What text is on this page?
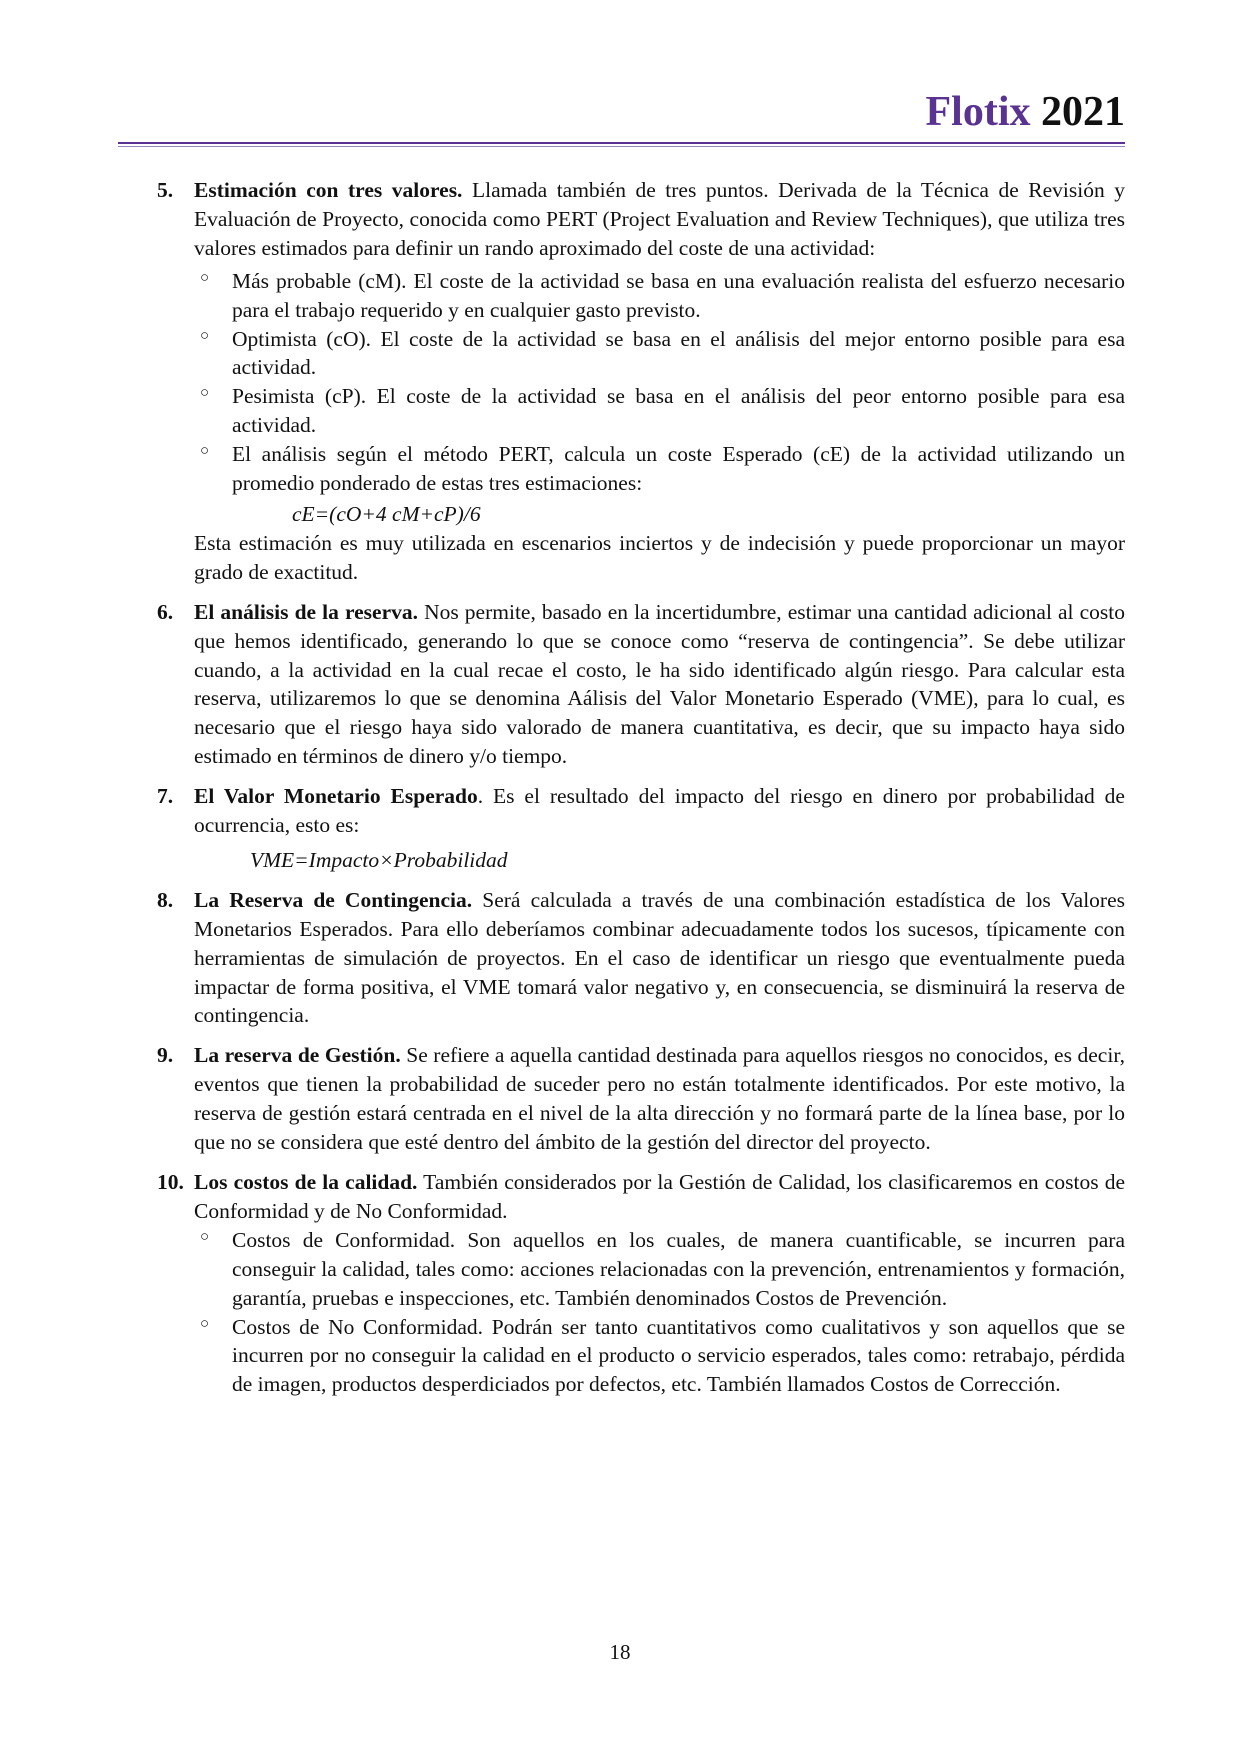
Flotix 2021
5. Estimación con tres valores. Llamada también de tres puntos. Derivada de la Técnica de Revisión y Evaluación de Proyecto, conocida como PERT (Project Evaluation and Review Techniques), que utiliza tres valores estimados para definir un rando aproximado del coste de una actividad:

○ Más probable (cM). El coste de la actividad se basa en una evaluación realista del esfuerzo necesario para el trabajo requerido y en cualquier gasto previsto.
○ Optimista (cO). El coste de la actividad se basa en el análisis del mejor entorno posible para esa actividad.
○ Pesimista (cP). El coste de la actividad se basa en el análisis del peor entorno posible para esa actividad.
○ El análisis según el método PERT, calcula un coste Esperado (cE) de la actividad utilizando un promedio ponderado de estas tres estimaciones:

cE=(cO+4 cM+cP)/6

Esta estimación es muy utilizada en escenarios inciertos y de indecisión y puede proporcionar un mayor grado de exactitud.

6. El análisis de la reserva. Nos permite, basado en la incertidumbre, estimar una cantidad adicional al costo que hemos identificado, generando lo que se conoce como “reserva de contingencia”. Se debe utilizar cuando, a la actividad en la cual recae el costo, le ha sido identificado algún riesgo. Para calcular esta reserva, utilizaremos lo que se denomina Aálisis del Valor Monetario Esperado (VME), para lo cual, es necesario que el riesgo haya sido valorado de manera cuantitativa, es decir, que su impacto haya sido estimado en términos de dinero y/o tiempo.

7. El Valor Monetario Esperado. Es el resultado del impacto del riesgo en dinero por probabilidad de ocurrencia, esto es:

VME=Impacto×Probabilidad

8. La Reserva de Contingencia. Será calculada a través de una combinación estadística de los Valores Monetarios Esperados. Para ello deberíamos combinar adecuadamente todos los sucesos, típicamente con herramientas de simulación de proyectos. En el caso de identificar un riesgo que eventualmente pueda impactar de forma positiva, el VME tomará valor negativo y, en consecuencia, se disminuirá la reserva de contingencia.

9. La reserva de Gestión. Se refiere a aquella cantidad destinada para aquellos riesgos no conocidos, es decir, eventos que tienen la probabilidad de suceder pero no están totalmente identificados. Por este motivo, la reserva de gestión estará centrada en el nivel de la alta dirección y no formará parte de la línea base, por lo que no se considera que esté dentro del ámbito de la gestión del director del proyecto.

10. Los costos de la calidad. También considerados por la Gestión de Calidad, los clasificaremos en costos de Conformidad y de No Conformidad.

○ Costos de Conformidad. Son aquellos en los cuales, de manera cuantificable, se incurren para conseguir la calidad, tales como: acciones relacionadas con la prevención, entrenamientos y formación, garantía, pruebas e inspecciones, etc. También denominados Costos de Prevención.
○ Costos de No Conformidad. Podrán ser tanto cuantitativos como cualitativos y son aquellos que se incurren por no conseguir la calidad en el producto o servicio esperados, tales como: retrabajo, pérdida de imagen, productos desperdiciados por defectos, etc. También llamados Costos de Corrección.
18
